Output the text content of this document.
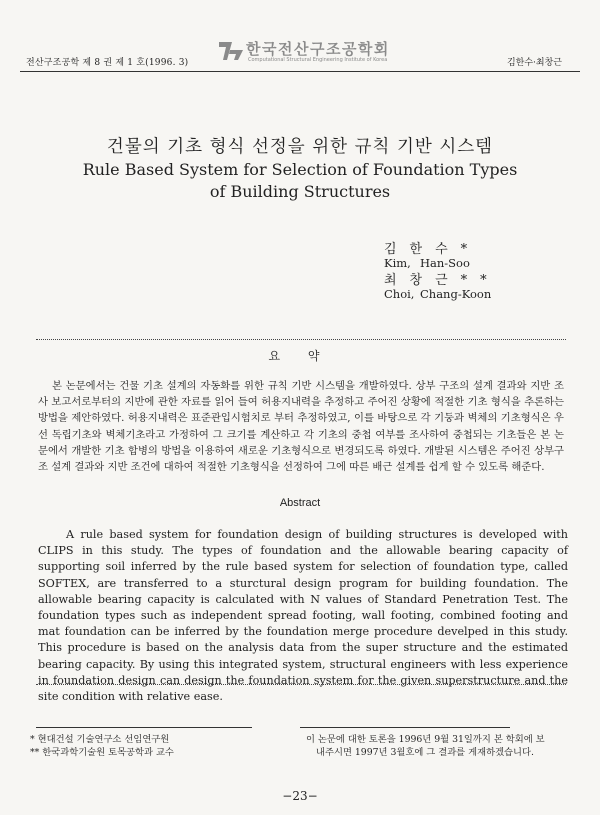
전산구조공학 제 8 권 제 1 호(1996. 3)
한국전산구조공학회
Computational Structural Engineering Institute of Korea	김한수·최창근
건물의 기초 형식 선정을 위한 규칙 기반 시스템
Rule Based System for Selection of Foundation Types
of Building Structures
김한수*
Kim, Han-Soo
최창근**
Choi, Chang-Koon
요 약

본 논문에서는 건물 기초 설계의 자동화를 위한 규칙 기반 시스템을 개발하였다. 상부 구조의 설계 결과와 지반 조사 보고서로부터의 지반에 관한 자료를 읽어 들여 허용지내력을 추정하고 주어진 상황에 적절한 기초 형식을 추론하는 방법을 제안하였다. 허용지내력은 표준관입시험치로 부터 추정하였고, 이를 바탕으로 각 기둥과 벽체의 기초형식은 우선 독립기초와 벽체기초라고 가정하여 그 크기를 계산하고 각 기초의 중첩 여부를 조사하여 중첩되는 기초들은 본 논문에서 개발한 기초 합병의 방법을 이용하여 새로운 기초형식으로 변경되도록 하였다. 개발된 시스템은 주어진 상부구조 설계 결과와 지반 조건에 대하여 적절한 기초형식을 선정하여 그에 따른 배근 설계를 쉽게 할 수 있도록 해준다.

Abstract

A rule based system for foundation design of building structures is developed with CLIPS in this study. The types of foundation and the allowable bearing capacity of supporting soil inferred by the rule based system for selection of foundation type, called SOFTEX, are transferred to a sturctural design program for building foundation. The allowable bearing capacity is calculated with N values of Standard Penetration Test. The foundation types such as independent spread footing, wall footing, combined footing and mat foundation can be inferred by the foundation merge procedure develped in this study. This procedure is based on the analysis data from the super structure and the estimated bearing capacity. By using this integrated system, structural engineers with less experience in foundation design can design the foundation system for the given superstructure and the site condition with relative ease.

* 현대건설 기술연구소 선임연구원
** 한국과학기술원 토목공학과 교수
이 논문에 대한 토론을 1996년 9월 31일까지 본 학회에 보
내주시면 1997년 3월호에 그 결과를 게재하겠습니다.
−23−
